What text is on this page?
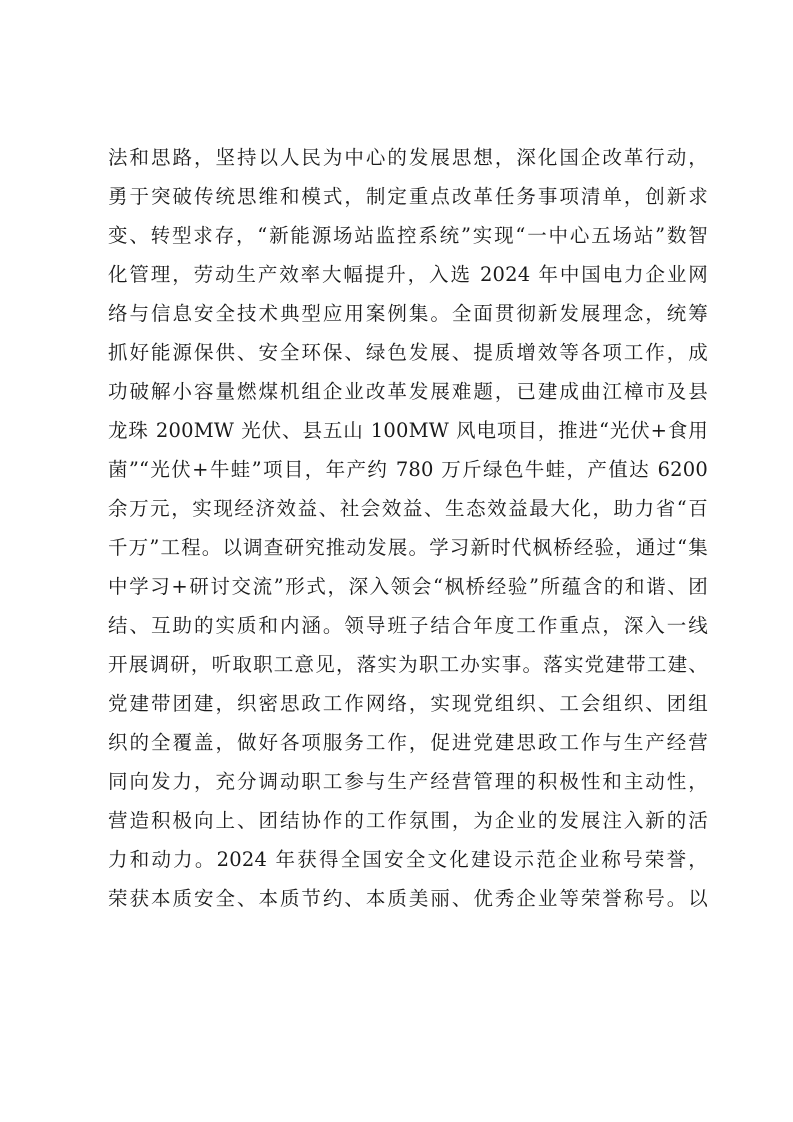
法和思路，坚持以人民为中心的发展思想，深化国企改革行动，
勇于突破传统思维和模式，制定重点改革任务事项清单，创新求
变、转型求存，“新能源场站监控系统”实现“一中心五场站”数智
化管理，劳动生产效率大幅提升，入选 2024 年中国电力企业网
络与信息安全技术典型应用案例集。全面贯彻新发展理念，统筹
抓好能源保供、安全环保、绿色发展、提质增效等各项工作，成
功破解小容量燃煤机组企业改革发展难题，已建成曲江樟市及县
龙珠 200MW 光伏、县五山 100MW 风电项目，推进“光伏+食用
菌”“光伏+牛蛙”项目，年产约 780 万斤绿色牛蛙，产值达 6200
余万元，实现经济效益、社会效益、生态效益最大化，助力省“百
千万”工程。以调查研究推动发展。学习新时代枫桥经验，通过“集
中学习+研讨交流”形式，深入领会“枫桥经验”所蕴含的和谐、团
结、互助的实质和内涵。领导班子结合年度工作重点，深入一线
开展调研，听取职工意见，落实为职工办实事。落实党建带工建、
党建带团建，织密思政工作网络，实现党组织、工会组织、团组
织的全覆盖，做好各项服务工作，促进党建思政工作与生产经营
同向发力，充分调动职工参与生产经营管理的积极性和主动性，
营造积极向上、团结协作的工作氛围，为企业的发展注入新的活
力和动力。2024 年获得全国安全文化建设示范企业称号荣誉，
荣获本质安全、本质节约、本质美丽、优秀企业等荣誉称号。以
